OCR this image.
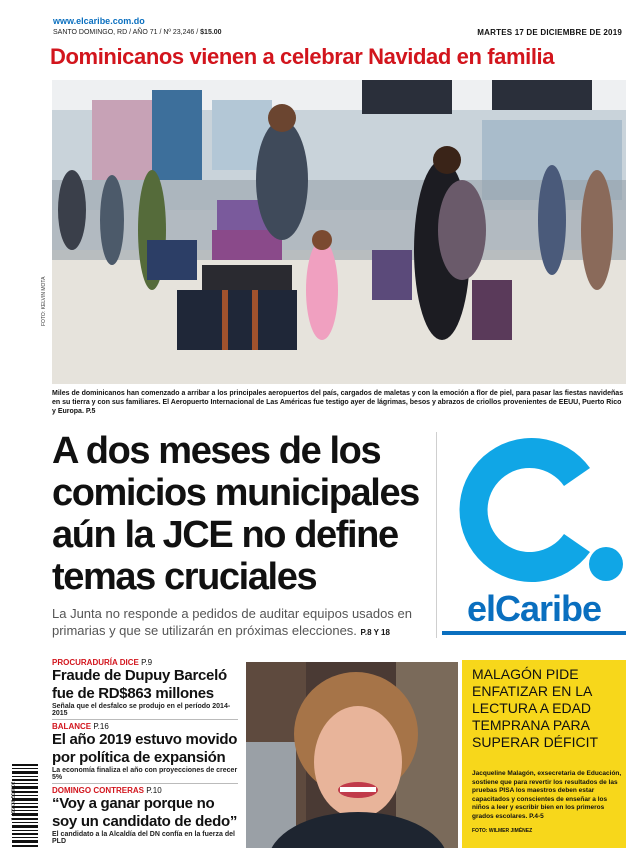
www.elcaribe.com.do
SANTO DOMINGO, RD / AÑO 71 / Nº 23,246 / $15.00	MARTES 17 DE DICIEMBRE DE 2019
Dominicanos vienen a celebrar Navidad en familia
FOTO: KELVIN MOTA
Miles de dominicanos han comenzado a arribar a los principales aeropuertos del país, cargados de maletas y con la emoción a flor de piel, para pasar las fiestas navideñas en su tierra y con sus familiares. El Aeropuerto Internacional de Las Américas fue testigo ayer de lágrimas, besos y abrazos de criollos provenientes de EEUU, Puerto Rico y Europa. P.5
A dos meses de los comicios municipales aún la JCE no define temas cruciales
La Junta no responde a pedidos de auditar equipos usados en primarias y que se utilizarán en próximas elecciones. P.8 Y 18
elCaribe
PROCURADURÍA DICE P.9
Fraude de Dupuy Barceló fue de RD$863 millones
Señala que el desfalco se produjo en el período 2014-2015
BALANCE P.16
El año 2019 estuvo movido por política de expansión
La economía finaliza el año con proyecciones de crecer 5%
DOMINGO CONTRERAS P.10
“Voy a ganar porque no soy un candidato de dedo”
El candidato a la Alcaldía del DN confía en la fuerza del PLD
7 465336 518002
MALAGÓN PIDE ENFATIZAR EN LA LECTURA A EDAD TEMPRANA PARA SUPERAR DÉFICIT
Jacqueline Malagón, exsecretaria de Educación, sostiene que para revertir los resultados de las pruebas PISA los maestros deben estar capacitados y conscientes de enseñar a los niños a leer y escribir bien en los primeros grados escolares. P.4-5
FOTO: WILMER JIMÉNEZ
